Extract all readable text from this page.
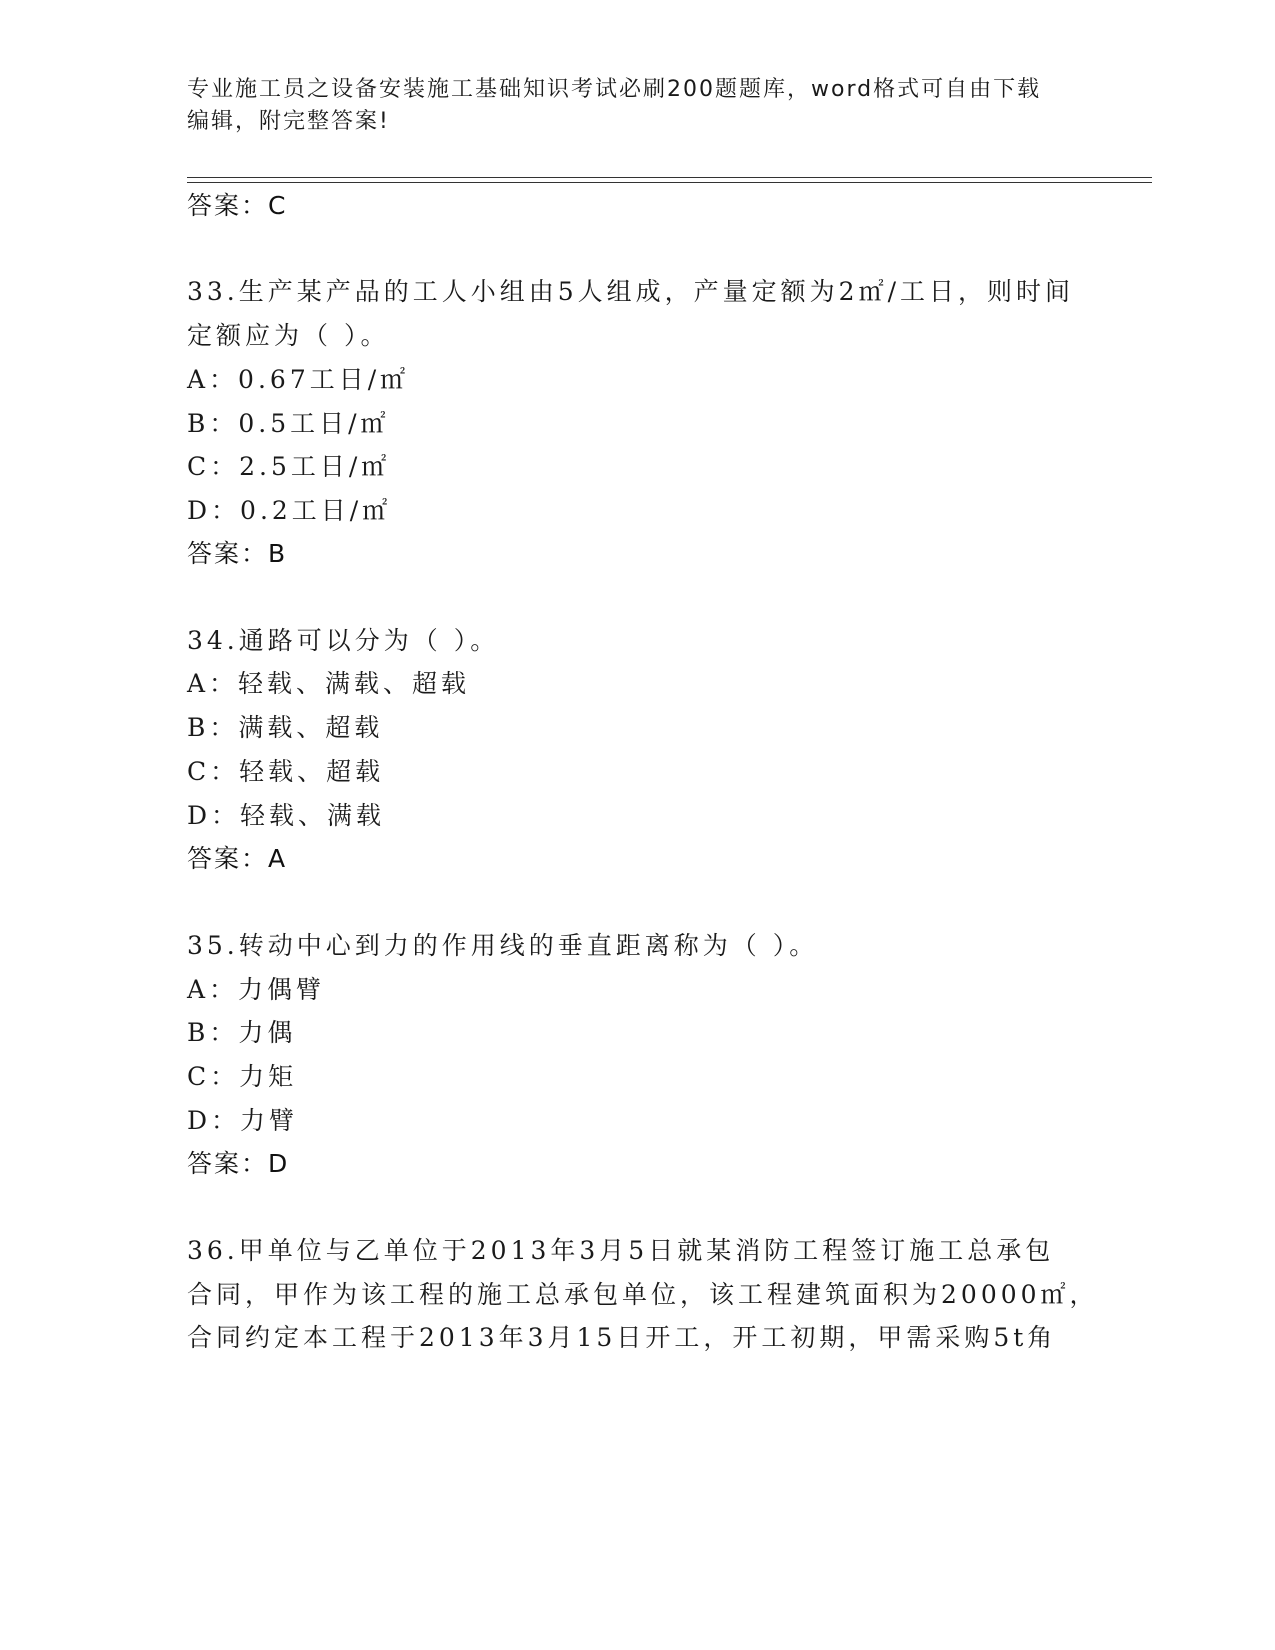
专业施工员之设备安装施工基础知识考试必刷200题题库，word格式可自由下载
编辑，附完整答案!
答案：C
33.生产某产品的工人小组由5人组成，产量定额为2㎡/工日，则时间
定额应为（ ）。
A：0.67工日/㎡
B：0.5工日/㎡
C：2.5工日/㎡
D：0.2工日/㎡
答案：B
34.通路可以分为（ ）。
A：轻载、满载、超载
B：满载、超载
C：轻载、超载
D：轻载、满载
答案：A
35.转动中心到力的作用线的垂直距离称为（ ）。
A：力偶臂
B：力偶
C：力矩
D：力臂
答案：D
36.甲单位与乙单位于2013年3月5日就某消防工程签订施工总承包
合同，甲作为该工程的施工总承包单位，该工程建筑面积为20000㎡，
合同约定本工程于2013年3月15日开工，开工初期，甲需采购5t角
